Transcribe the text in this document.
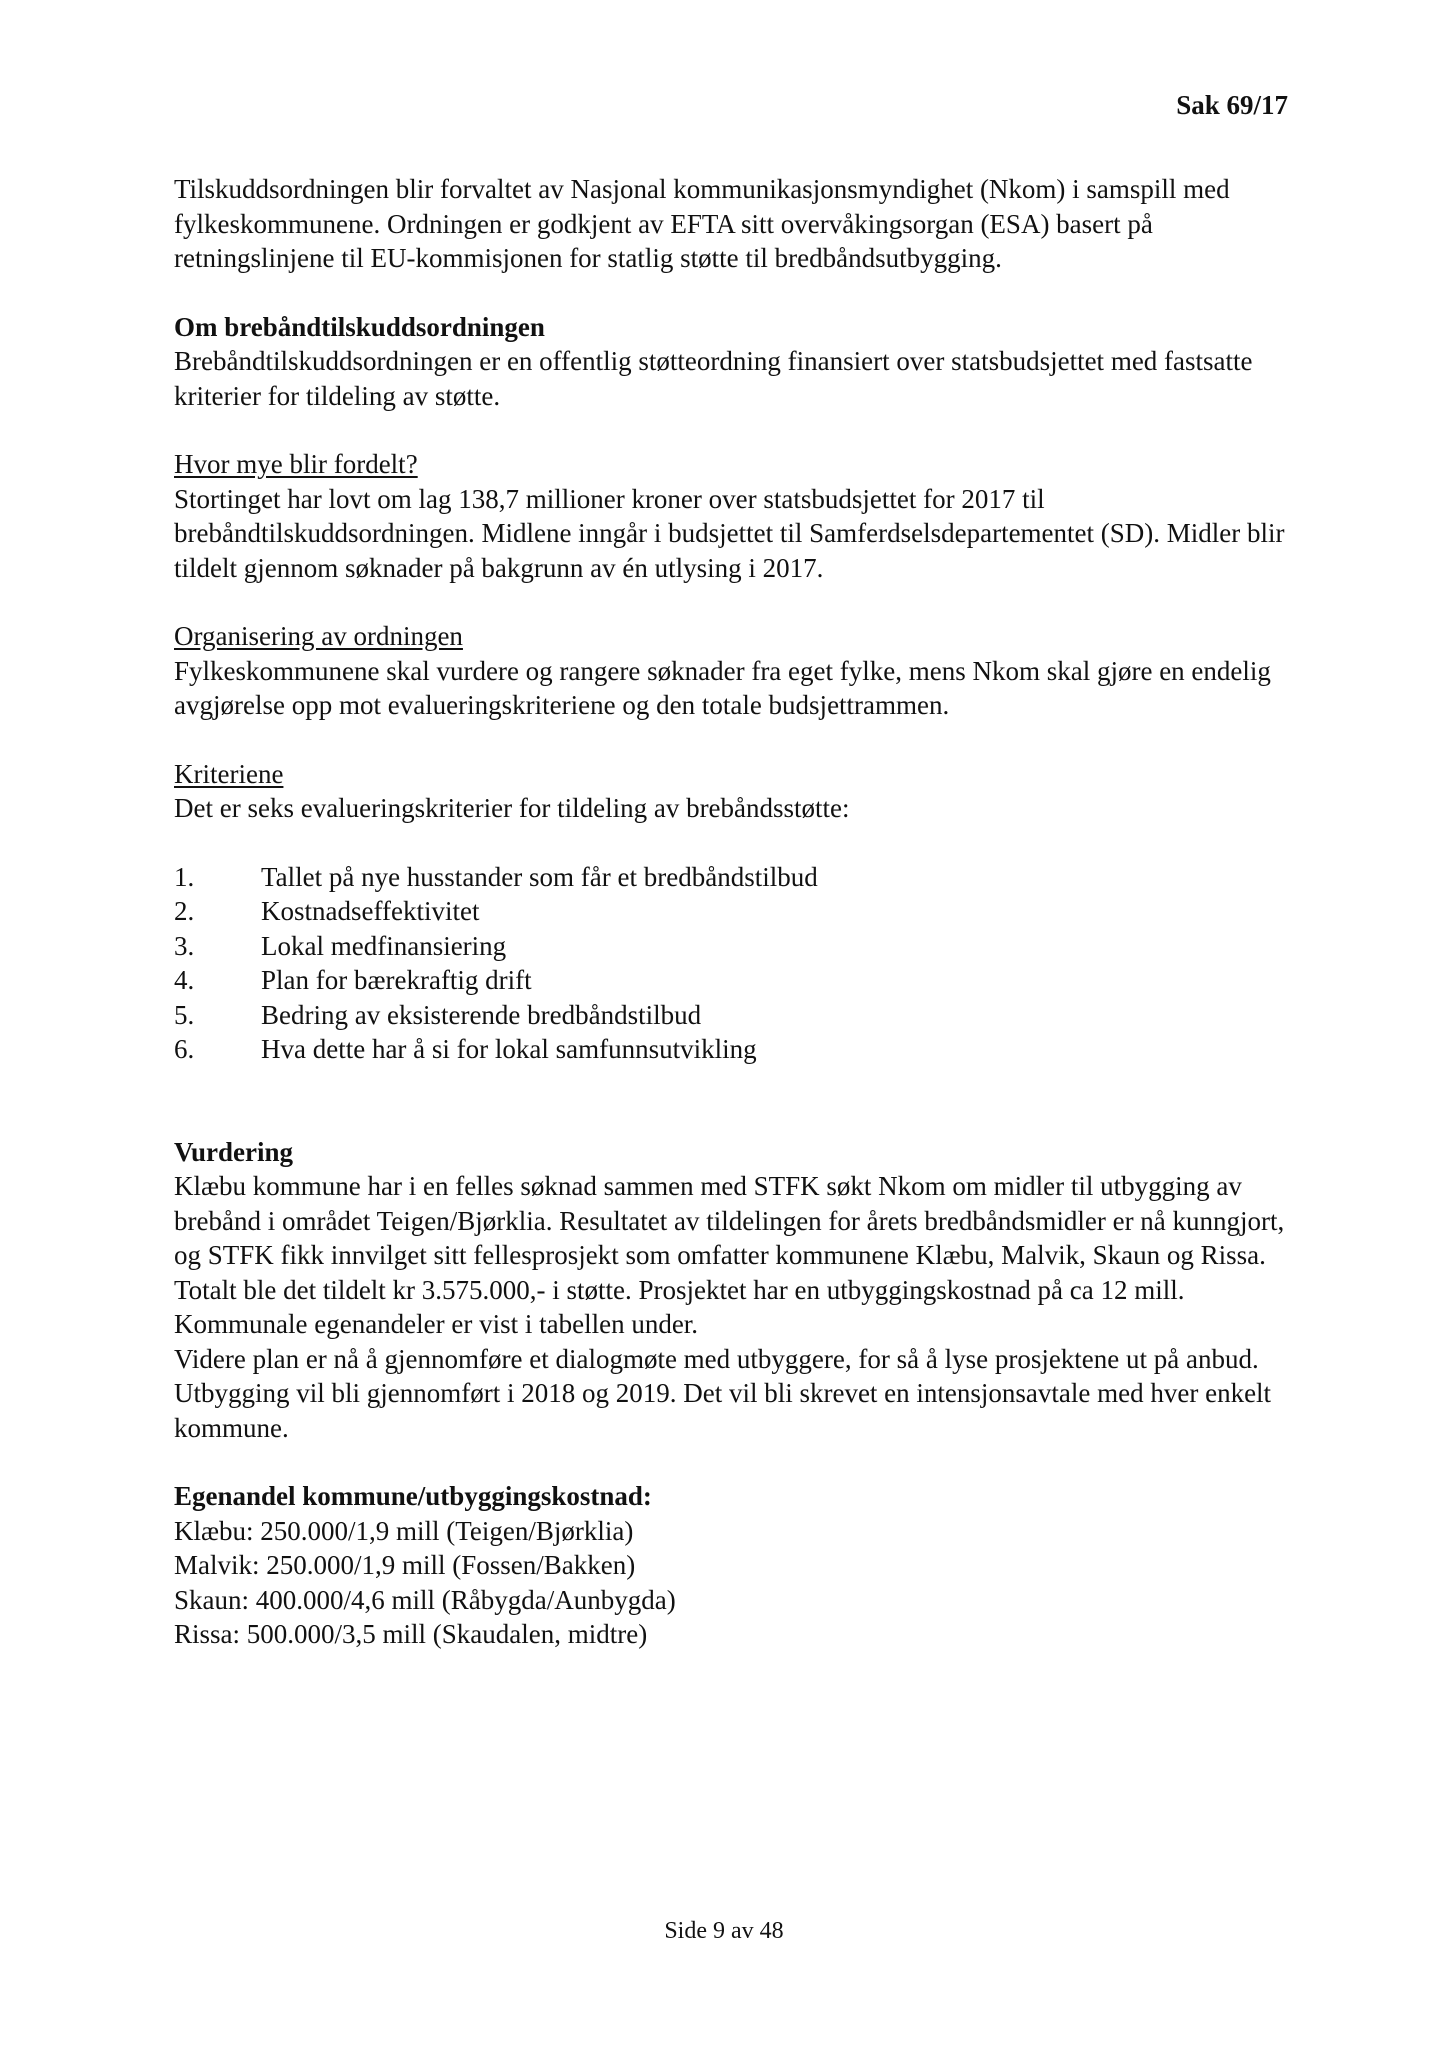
Sak 69/17

Tilskuddsordningen blir forvaltet av Nasjonal kommunikasjonsmyndighet (Nkom) i samspill med fylkeskommunene. Ordningen er godkjent av EFTA sitt overvåkingsorgan (ESA) basert på retningslinjene til EU-kommisjonen for statlig støtte til bredbåndsutbygging.

Om brebåndtilskuddsordningen

Brebåndtilskuddsordningen er en offentlig støtteordning finansiert over statsbudsjettet med fastsatte kriterier for tildeling av støtte.

Hvor mye blir fordelt?

Stortinget har lovt om lag 138,7 millioner kroner over statsbudsjettet for 2017 til brebåndtilskuddsordningen. Midlene inngår i budsjettet til Samferdselsdepartementet (SD). Midler blir tildelt gjennom søknader på bakgrunn av én utlysing i 2017.

Organisering av ordningen

Fylkeskommunene skal vurdere og rangere søknader fra eget fylke, mens Nkom skal gjøre en endelig avgjørelse opp mot evalueringskriteriene og den totale budsjettrammen.

Kriteriene

Det er seks evalueringskriterier for tildeling av brebåndsstøtte:

1.	Tallet på nye husstander som får et bredbåndstilbud
2.	Kostnadseffektivitet
3.	Lokal medfinansiering
4.	Plan for bærekraftig drift
5.	Bedring av eksisterende bredbåndstilbud
6.	Hva dette har å si for lokal samfunnsutvikling

Vurdering

Klæbu kommune har i en felles søknad sammen med STFK søkt Nkom om midler til utbygging av brebånd i området Teigen/Bjørklia. Resultatet av tildelingen for årets bredbåndsmidler er nå kunngjort, og STFK fikk innvilget sitt fellesprosjekt som omfatter kommunene Klæbu, Malvik, Skaun og Rissa.

Totalt ble det tildelt kr 3.575.000,- i støtte. Prosjektet har en utbyggingskostnad på ca 12 mill. Kommunale egenandeler er vist i tabellen under.

Videre plan er nå å gjennomføre et dialogmøte med utbyggere, for så å lyse prosjektene ut på anbud.

Utbygging vil bli gjennomført i 2018 og 2019. Det vil bli skrevet en intensjonsavtale med hver enkelt kommune.

Egenandel kommune/utbyggingskostnad:

Klæbu: 250.000/1,9 mill (Teigen/Bjørklia)
Malvik: 250.000/1,9 mill (Fossen/Bakken)
Skaun: 400.000/4,6 mill (Råbygda/Aunbygda)
Rissa: 500.000/3,5 mill (Skaudalen, midtre)
Side 9 av 48
